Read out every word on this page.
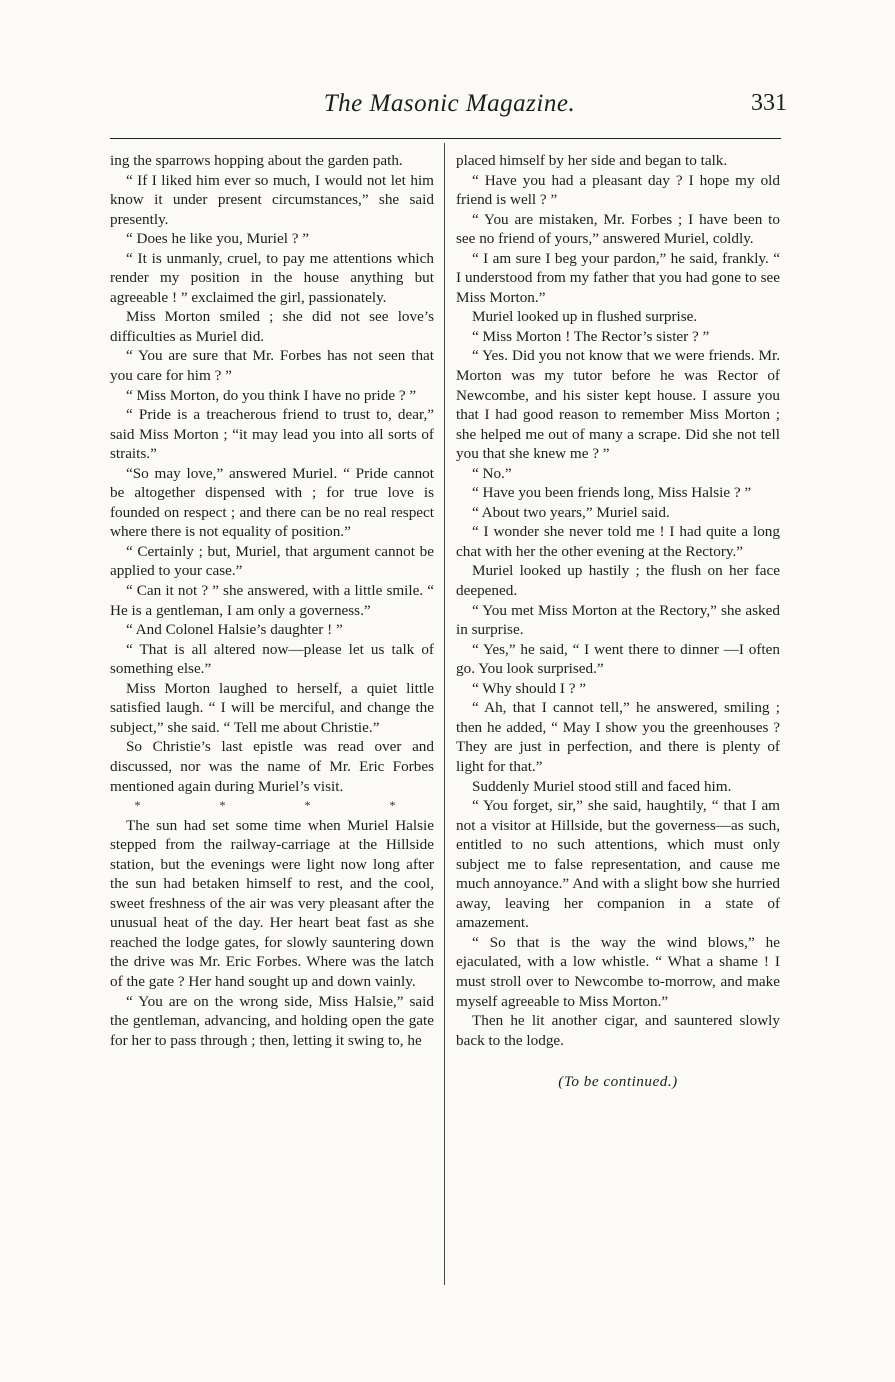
The Masonic Magazine.	331

ing the sparrows hopping about the garden path.

“ If I liked him ever so much, I would not let him know it under present circumstances,” she said presently.

“ Does he like you, Muriel ? ”

“ It is unmanly, cruel, to pay me attentions which render my position in the house anything but agreeable ! ” exclaimed the girl, passionately.

Miss Morton smiled ; she did not see love’s difficulties as Muriel did.

“ You are sure that Mr. Forbes has not seen that you care for him ? ”

“ Miss Morton, do you think I have no pride ? ”

“ Pride is a treacherous friend to trust to, dear,” said Miss Morton ; “it may lead you into all sorts of straits.”

“So may love,” answered Muriel. “ Pride cannot be altogether dispensed with ; for true love is founded on respect ; and there can be no real respect where there is not equality of position.”

“ Certainly ; but, Muriel, that argument cannot be applied to your case.”

“ Can it not ? ” she answered, with a little smile. “ He is a gentleman, I am only a governess.”

“ And Colonel Halsie’s daughter ! ”

“ That is all altered now—please let us talk of something else.”

Miss Morton laughed to herself, a quiet little satisfied laugh. “ I will be merciful, and change the subject,” she said. “ Tell me about Christie.”

So Christie’s last epistle was read over and discussed, nor was the name of Mr. Eric Forbes mentioned again during Muriel’s visit.

* * * *

The sun had set some time when Muriel Halsie stepped from the railway-carriage at the Hillside station, but the evenings were light now long after the sun had betaken himself to rest, and the cool, sweet freshness of the air was very pleasant after the unusual heat of the day. Her heart beat fast as she reached the lodge gates, for slowly sauntering down the drive was Mr. Eric Forbes. Where was the latch of the gate ? Her hand sought up and down vainly.

“ You are on the wrong side, Miss Halsie,” said the gentleman, advancing, and holding open the gate for her to pass through ; then, letting it swing to, he

placed himself by her side and began to talk.

“ Have you had a pleasant day ? I hope my old friend is well ? ”

“ You are mistaken, Mr. Forbes ; I have been to see no friend of yours,” answered Muriel, coldly.

“ I am sure I beg your pardon,” he said, frankly. “ I understood from my father that you had gone to see Miss Morton.”

Muriel looked up in flushed surprise.

“ Miss Morton ! The Rector’s sister ? ”

“ Yes. Did you not know that we were friends. Mr. Morton was my tutor before he was Rector of Newcombe, and his sister kept house. I assure you that I had good reason to remember Miss Morton ; she helped me out of many a scrape. Did she not tell you that she knew me ? ”

“ No.”

“ Have you been friends long, Miss Halsie ? ”

“ About two years,” Muriel said.

“ I wonder she never told me ! I had quite a long chat with her the other evening at the Rectory.”

Muriel looked up hastily ; the flush on her face deepened.

“ You met Miss Morton at the Rectory,” she asked in surprise.

“ Yes,” he said, “ I went there to dinner —I often go. You look surprised.”

“ Why should I ? ”

“ Ah, that I cannot tell,” he answered, smiling ; then he added, “ May I show you the greenhouses ? They are just in perfection, and there is plenty of light for that.”

Suddenly Muriel stood still and faced him.

“ You forget, sir,” she said, haughtily, “ that I am not a visitor at Hillside, but the governess—as such, entitled to no such attentions, which must only subject me to false representation, and cause me much annoyance.” And with a slight bow she hurried away, leaving her companion in a state of amazement.

“ So that is the way the wind blows,” he ejaculated, with a low whistle. “ What a shame ! I must stroll over to Newcombe to-morrow, and make myself agreeable to Miss Morton.”

Then he lit another cigar, and sauntered slowly back to the lodge.

(To be continued.)
